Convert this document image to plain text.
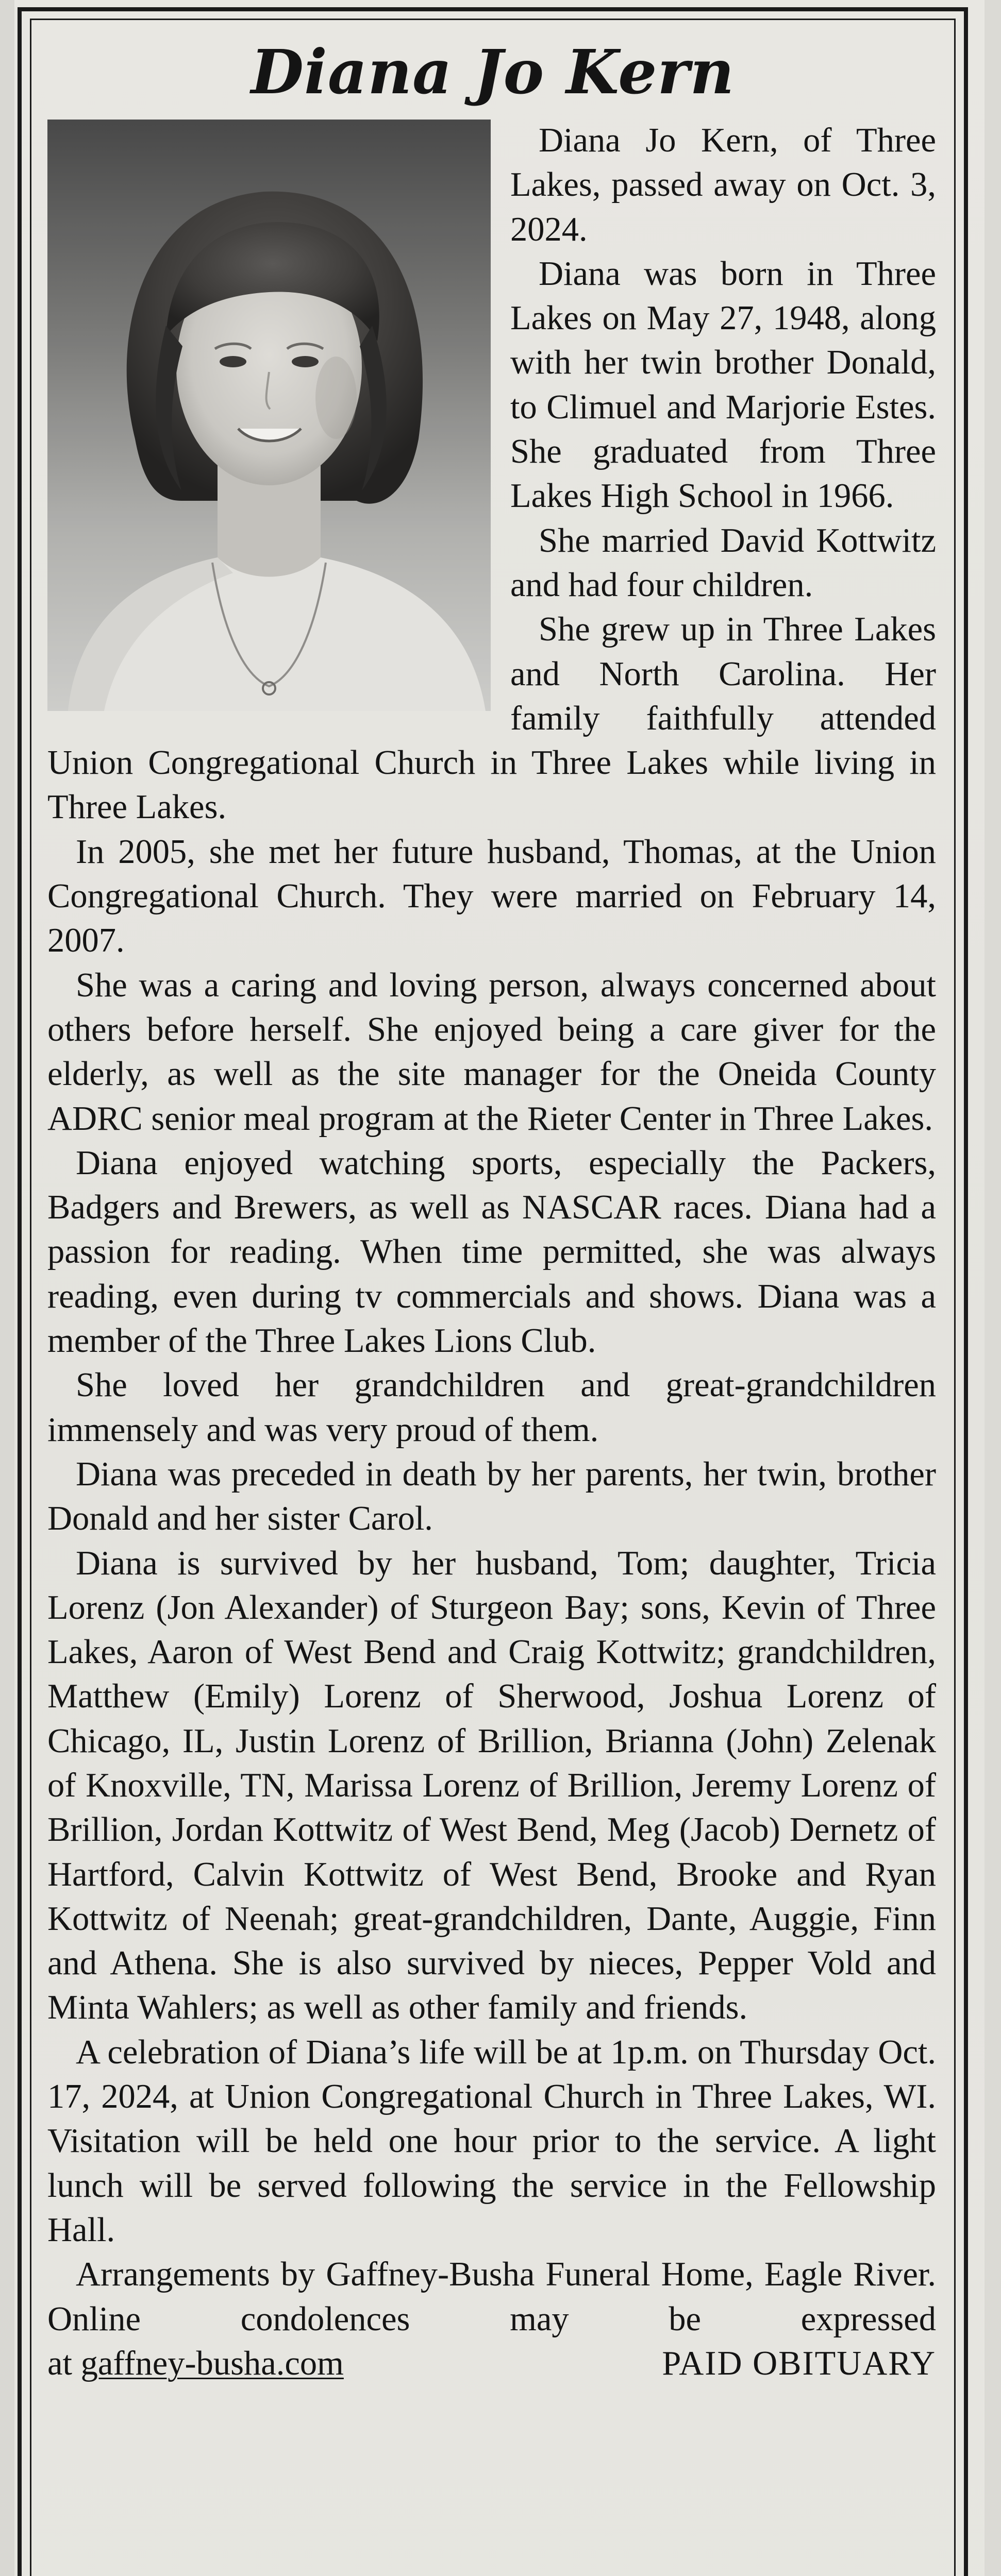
Diana Jo Kern

Diana Jo Kern, of Three Lakes, passed away on Oct. 3, 2024.

Diana was born in Three Lakes on May 27, 1948, along with her twin brother Donald, to Climuel and Marjorie Estes. She graduated from Three Lakes High School in 1966.

She married David Kottwitz and had four children.

She grew up in Three Lakes and North Carolina. Her family faithfully attended Union Congregational Church in Three Lakes while living in Three Lakes.

In 2005, she met her future husband, Thomas, at the Union Congregational Church. They were married on February 14, 2007.

She was a caring and loving person, always concerned about others before herself. She enjoyed being a care giver for the elderly, as well as the site manager for the Oneida County ADRC senior meal program at the Rieter Center in Three Lakes.

Diana enjoyed watching sports, especially the Packers, Badgers and Brewers, as well as NASCAR races. Diana had a passion for reading. When time permitted, she was always reading, even during tv commercials and shows. Diana was a member of the Three Lakes Lions Club.

She loved her grandchildren and great-grandchildren immensely and was very proud of them.

Diana was preceded in death by her parents, her twin, brother Donald and her sister Carol.

Diana is survived by her husband, Tom; daughter, Tricia Lorenz (Jon Alexander) of Sturgeon Bay; sons, Kevin of Three Lakes, Aaron of West Bend and Craig Kottwitz; grandchildren, Matthew (Emily) Lorenz of Sherwood, Joshua Lorenz of Chicago, IL, Justin Lorenz of Brillion, Brianna (John) Zelenak of Knoxville, TN, Marissa Lorenz of Brillion, Jeremy Lorenz of Brillion, Jordan Kottwitz of West Bend, Meg (Jacob) Dernetz of Hartford, Calvin Kottwitz of West Bend, Brooke and Ryan Kottwitz of Neenah; great-grandchildren, Dante, Auggie, Finn and Athena. She is also survived by nieces, Pepper Vold and Minta Wahlers; as well as other family and friends.

A celebration of Diana’s life will be at 1p.m. on Thursday Oct. 17, 2024, at Union Congregational Church in Three Lakes, WI. Visitation will be held one hour prior to the service. A light lunch will be served following the service in the Fellowship Hall.

Arrangements by Gaffney-Busha Funeral Home, Eagle River. Online condolences may be expressed

at gaffney-busha.com	PAID OBITUARY
